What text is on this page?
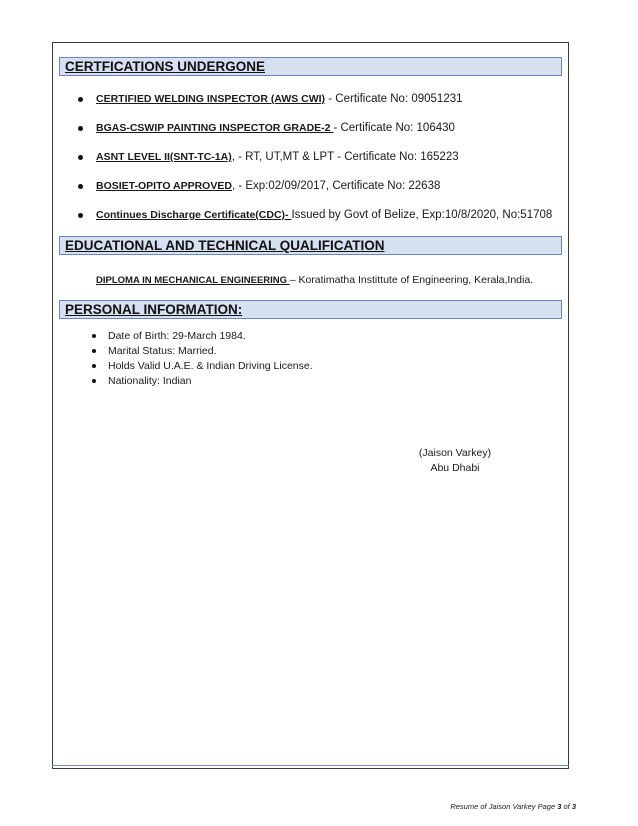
CERTFICATIONS UNDERGONE
CERTIFIED WELDING INSPECTOR (AWS CWI) - Certificate No: 09051231
BGAS-CSWIP PAINTING INSPECTOR GRADE-2 - Certificate No: 106430
ASNT LEVEL II(SNT-TC-1A), - RT, UT,MT & LPT - Certificate No: 165223
BOSIET-OPITO APPROVED, - Exp:02/09/2017, Certificate No: 22638
Continues Discharge Certificate(CDC)- Issued by Govt of Belize, Exp:10/8/2020, No:51708
EDUCATIONAL AND TECHNICAL QUALIFICATION
DIPLOMA IN MECHANICAL ENGINEERING – Koratimatha Instittute of Engineering, Kerala,India.
PERSONAL INFORMATION:
Date of Birth: 29-March 1984.
Marital Status: Married.
Holds Valid U.A.E. & Indian Driving License.
Nationality: Indian
(Jaison Varkey)
Abu Dhabi
Resume of Jaison Varkey Page 3 of 3
